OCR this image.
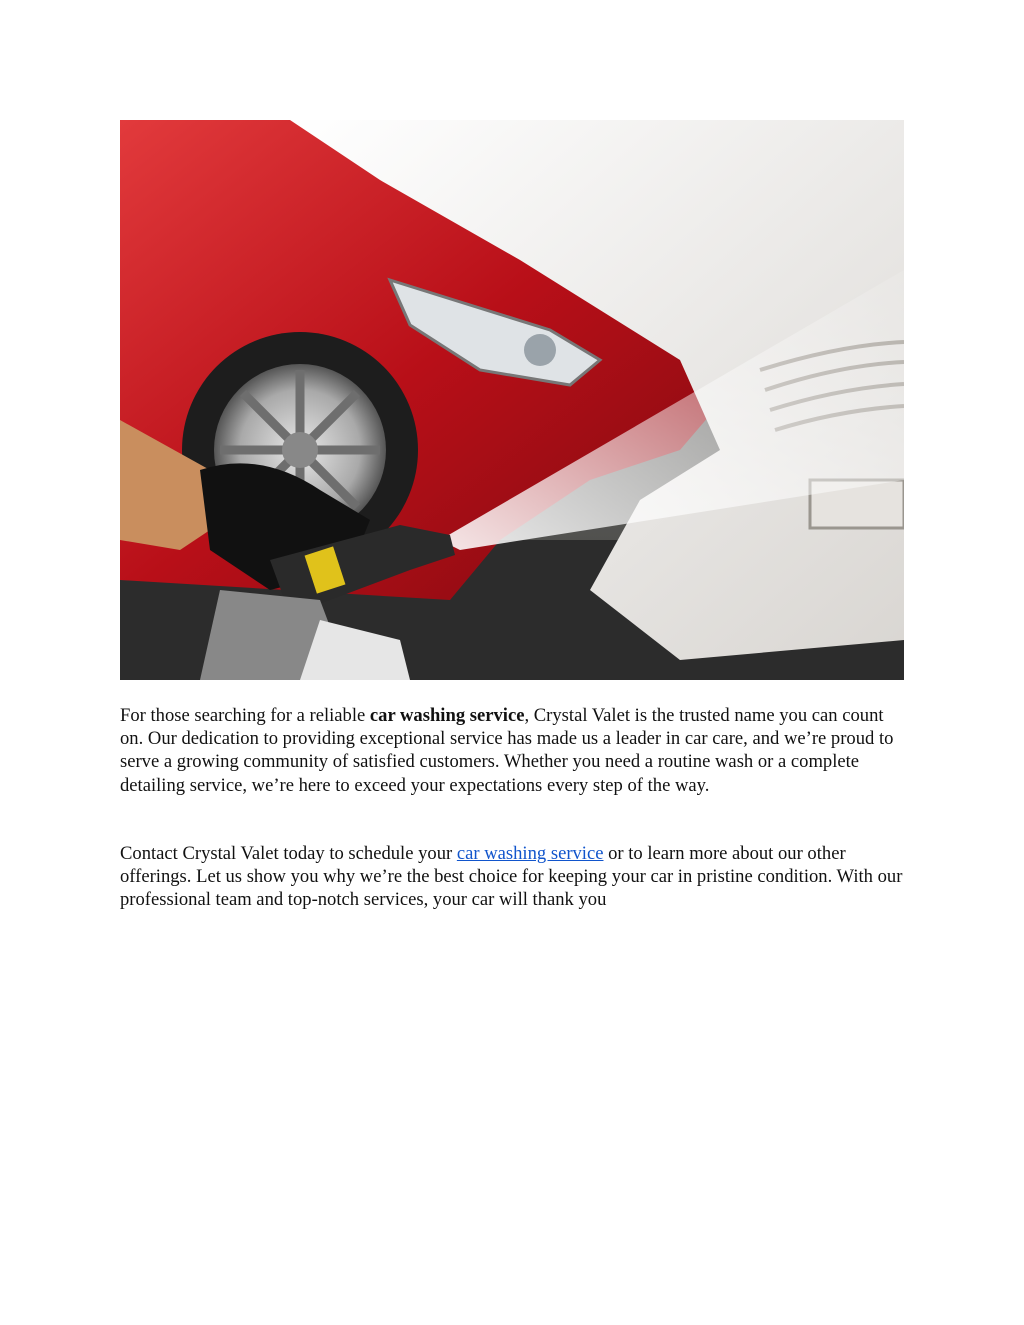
For those searching for a reliable car washing service, Crystal Valet is the trusted name you can count on. Our dedication to providing exceptional service has made us a leader in car care, and we’re proud to serve a growing community of satisfied customers. Whether you need a routine wash or a complete detailing service, we’re here to exceed your expectations every step of the way.

Contact Crystal Valet today to schedule your car washing service or to learn more about our other offerings. Let us show you why we’re the best choice for keeping your car in pristine condition. With our professional team and top-notch services, your car will thank you
